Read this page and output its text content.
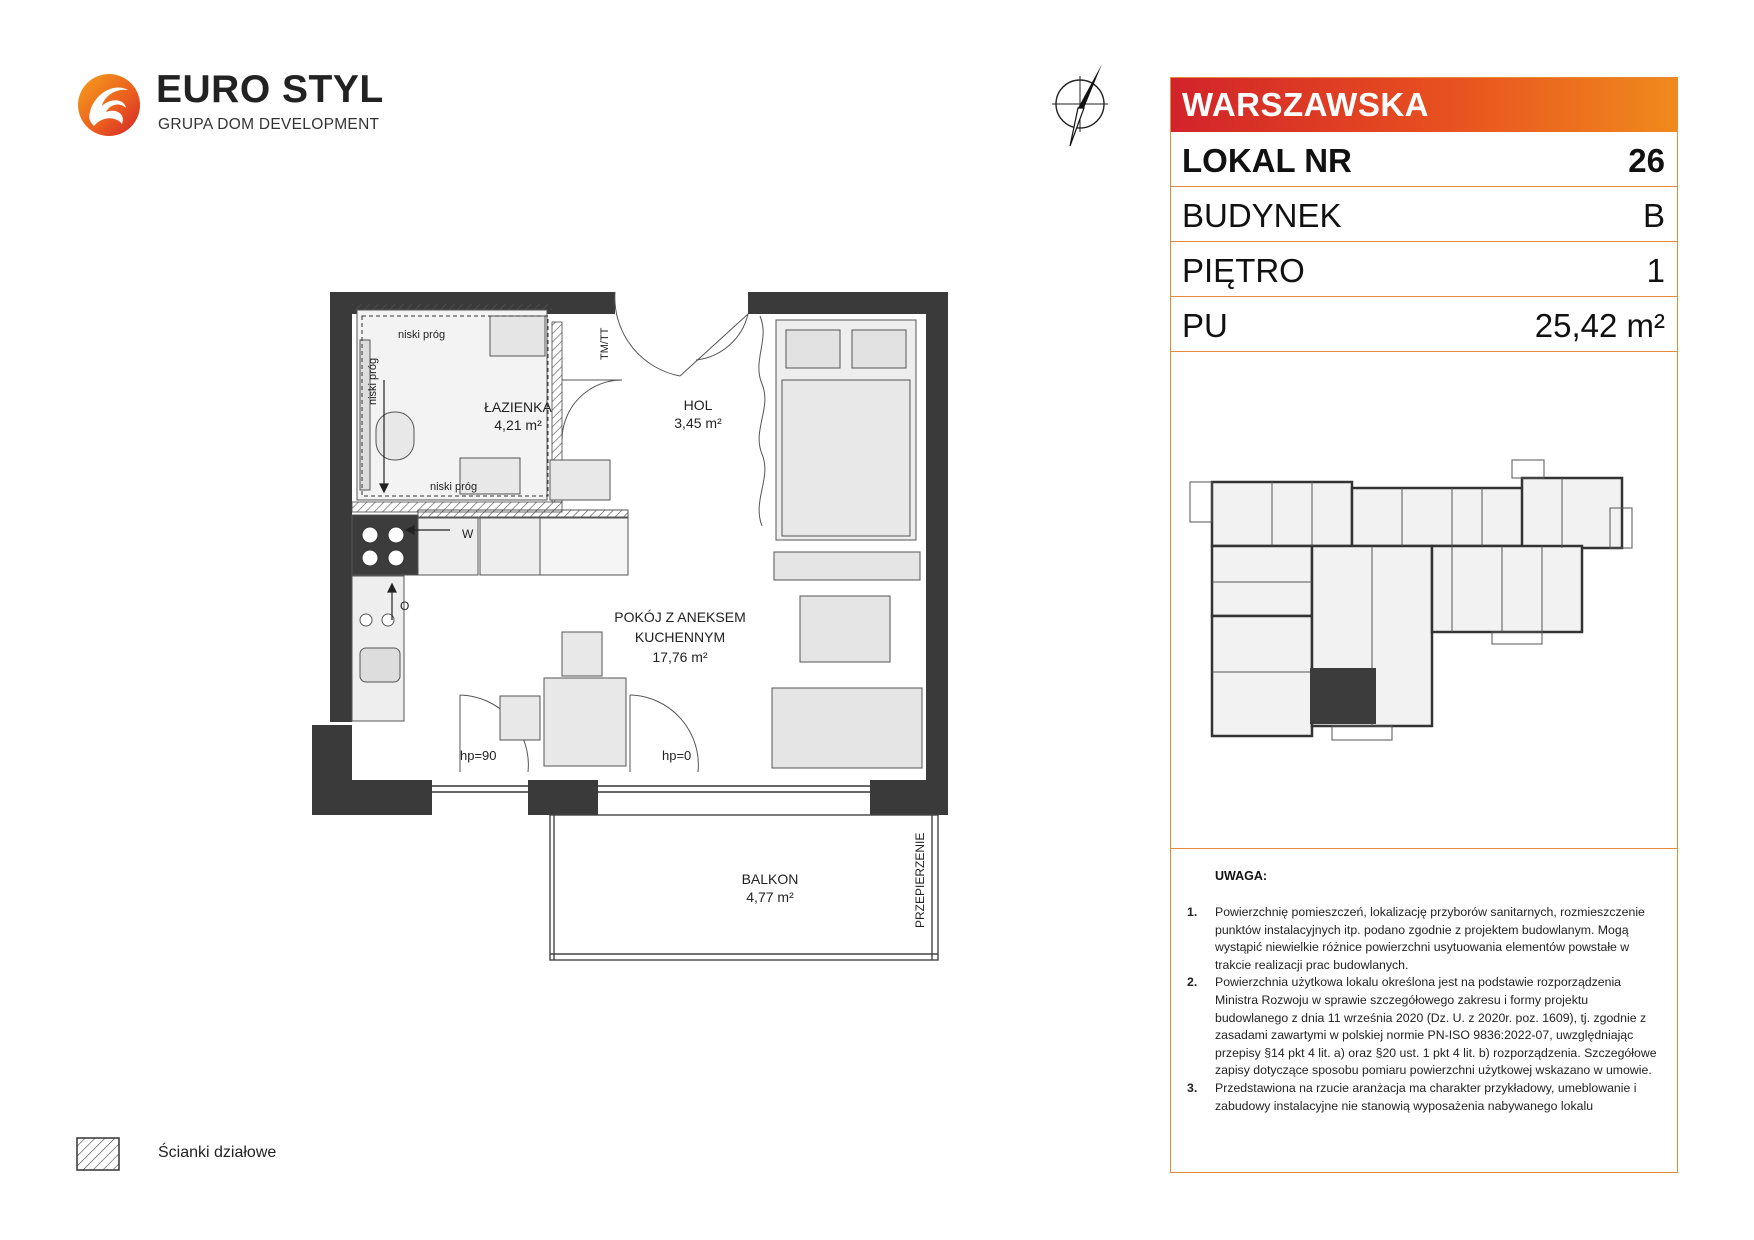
EURO STYL
GRUPA DOM DEVELOPMENT
ŁAZIENKA
4,21 m²
HOL
3,45 m²
POKÓJ Z ANEKSEM
KUCHENNYM
17,76 m²
BALKON
4,77 m²
niski próg
niski próg
niski próg
TM/TT
W
O
hp=90	hp=0
PRZEPIERZENIE
WARSZAWSKA
LOKAL NR	26
BUDYNEK	B
PIĘTRO	1
PU	25,42 m²
UWAGA:
1. Powierzchnię pomieszczeń, lokalizację przyborów sanitarnych, rozmieszczenie punktów instalacyjnych itp. podano zgodnie z projektem budowlanym. Mogą wystąpić niewielkie różnice powierzchni usytuowania elementów powstałe w trakcie realizacji prac budowlanych.
2. Powierzchnia użytkowa lokalu określona jest na podstawie rozporządzenia Ministra Rozwoju w sprawie szczegółowego zakresu i formy projektu budowlanego z dnia 11 września 2020 (Dz. U. z 2020r. poz. 1609), tj. zgodnie z zasadami zawartymi w polskiej normie PN-ISO 9836:2022-07, uwzględniając przepisy §14 pkt 4 lit. a) oraz §20 ust. 1 pkt 4 lit. b) rozporządzenia. Szczegółowe zapisy dotyczące sposobu pomiaru powierzchni użytkowej wskazano w umowie.
3. Przedstawiona na rzucie aranżacja ma charakter przykładowy, umeblowanie i zabudowy instalacyjne nie stanowią wyposażenia nabywanego lokalu
Ścianki działowe
